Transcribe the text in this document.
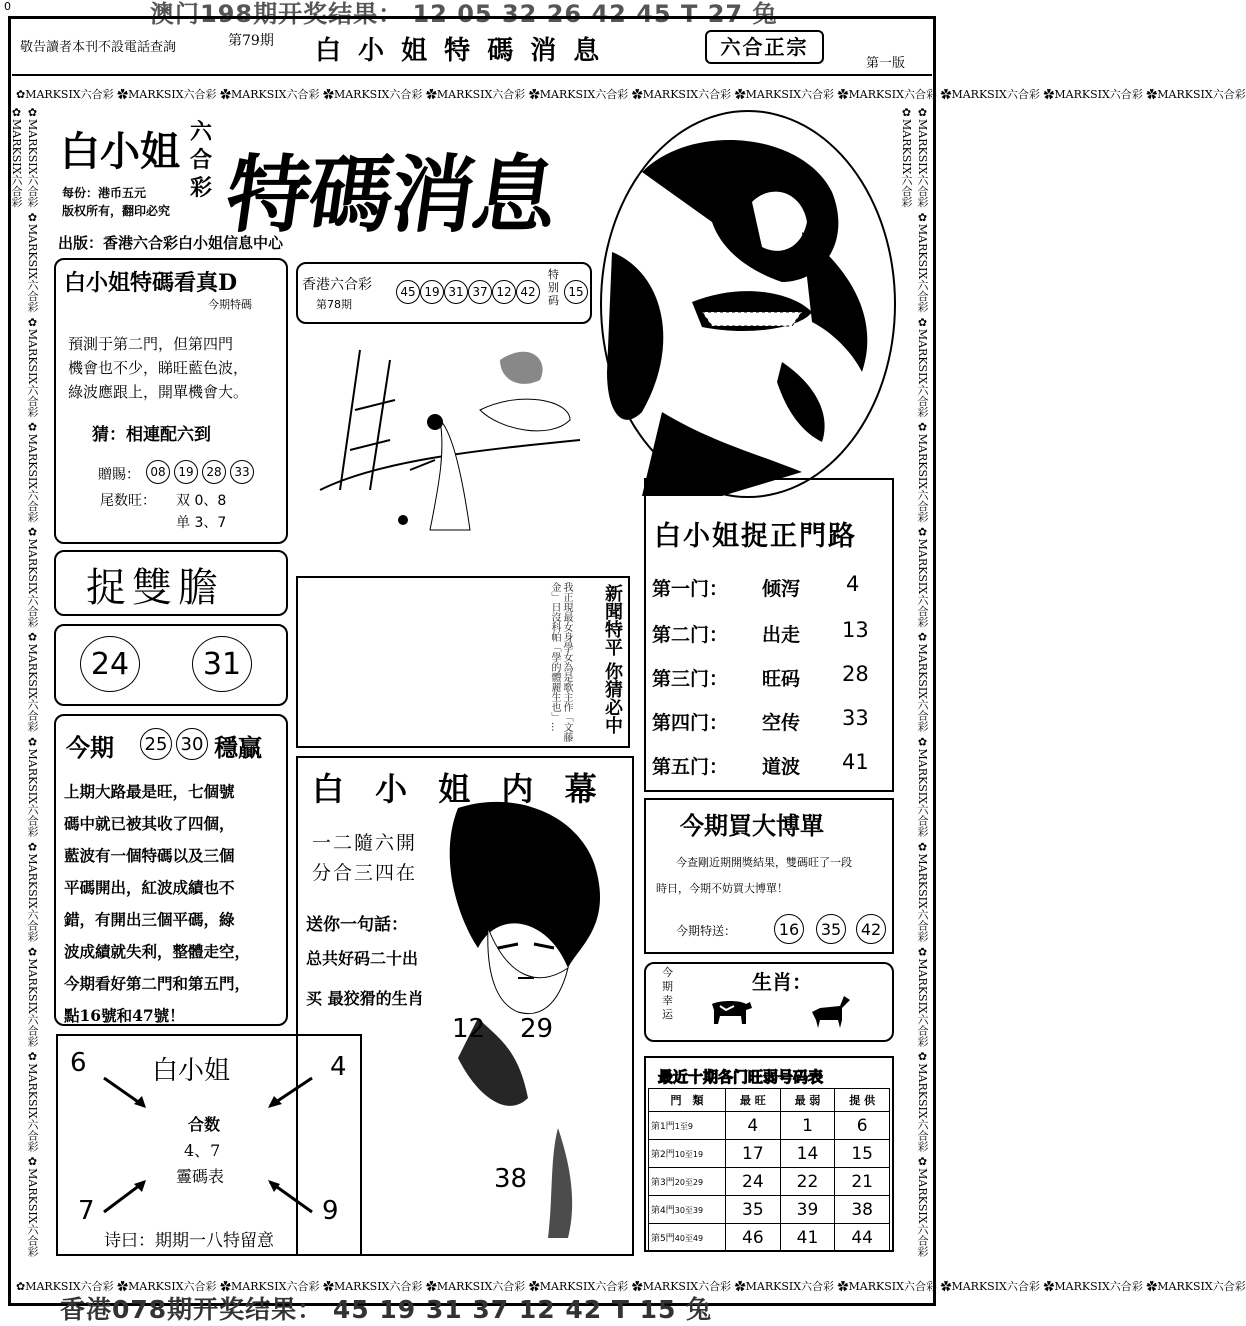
澳门198期开奖结果： 12 05 32 26 42 45 T 27 兔
0
敬告讀者本刊不設電話查詢	第79期 白 小 姐 特 碼 消 息	六合正宗
第一版
✿MARKSIX六合彩 ✿MARKSIX六合彩 ✿MARKSIX六合彩 ✿MARKSIX六合彩 ✿MARKSIX六合彩 ✿MARKSIX六合彩 ✿MARKSIX六合彩 ✿MARKSIX六合彩 ✿MARKSIX六合彩 ✿MARKSIX六合彩 ✿MARKSIX六合彩 ✿MARKSIX六合彩
✿MARKSIX六合彩 ✿MARKSIX六合彩 ✿MARKSIX六合彩 ✿MARKSIX六合彩 ✿MARKSIX六合彩 ✿MARKSIX六合彩 ✿MARKSIX六合彩 ✿MARKSIX六合彩 ✿MARKSIX六合彩 ✿MARKSIX六合彩 ✿MARKSIX六合彩 ✿MARKSIX六合彩
✿MARKSIX六合彩 ✿MARKSIX六合彩 ✿MARKSIX六合彩 ✿MARKSIX六合彩 ✿MARKSIX六合彩 ✿MARKSIX六合彩 ✿MARKSIX六合彩 ✿MARKSIX六合彩 ✿MARKSIX六合彩 ✿MARKSIX六合彩 ✿MARKSIX六合彩 ✿MARKSIX六合彩	✿MARKSIX六合彩 ✿MARKSIX六合彩 ✿MARKSIX六合彩 ✿MARKSIX六合彩 ✿MARKSIX六合彩 ✿MARKSIX六合彩 ✿MARKSIX六合彩 ✿MARKSIX六合彩 ✿MARKSIX六合彩 ✿MARKSIX六合彩 ✿MARKSIX六合彩 ✿MARKSIX六合彩
白小姐 六合彩 特碼消息
每份：港币五元
版权所有，翻印必究
出版：香港六合彩白小姐信息中心
白小姐特碼看真D
今期特碼
預測于第二門，但第四門
機會也不少，睇旺藍色波，
綠波應跟上，開單機會大。
猜：相連配六到
贈賜： 08	19	28	33
尾数旺： 双 0、8
单 3、7
香港六合彩
第78期
45 19 31 37 12 42
特别码
15
捉雙膽
24	31	我正現最女身學女為是歌主作「文藤金」日沒科帕「學的體麗生也」...	新聞特平 你猜必中
今期 25 30 穩贏
上期大路最是旺，七個號
碼中就已被其收了四個，
藍波有一個特碼以及三個
平碼開出，紅波成績也不
錯，有開出三個平碼，綠
波成績就失利，整體走空，
今期看好第二門和第五門，
點16號和47號！
白小姐
6	4
7	9
合数
4、7
霻碼表
诗曰：期期一八特留意
白 小 姐 内 幕
一二隨六開
分合三四在
送你一句話：
总共好码二十出
买 最狡猾的生肖
12 29
38
白小姐捉正門路
第一门： 倾泻 4
第二门： 出走 13
第三门： 旺码 28
第四门： 空传 33
第五门： 道波 41
今期買大博單
今查剛近期開獎結果，雙碼旺了一段
時日，今期不妨買大博單！
今期特送：	16	35	42
今期幸运
生肖：
最近十期各门旺弱号码表
門　類	最 旺	最 弱	提 供
第1門1至9	4	1	6
第2門10至19	17	14	15
第3門20至29	24	22	21
第4門30至39	35	39	38
第5門40至49	46	41	44
香港078期开奖结果： 45 19 31 37 12 42 T 15 兔
